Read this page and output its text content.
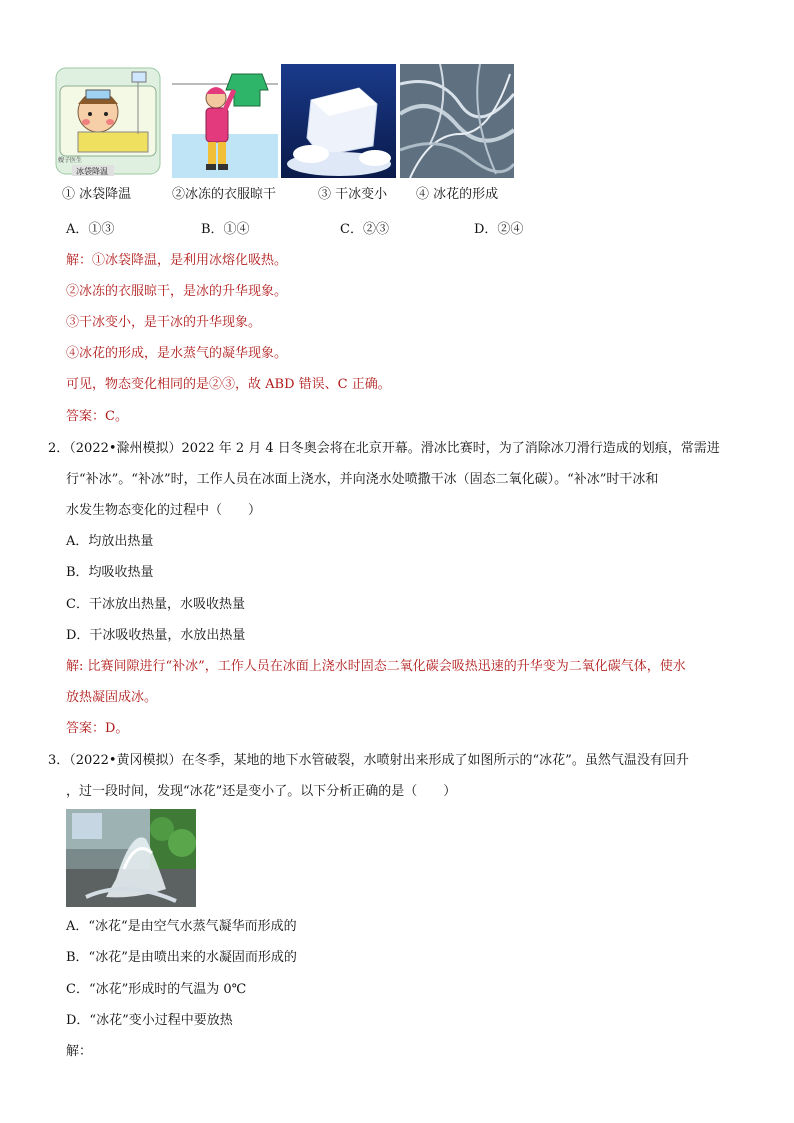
嫂子医生
冰袋降温
① 冰袋降温	②冰冻的衣服晾干	③ 干冰变小 ④ 冰花的形成
A．①③	B．①④	C．②③	D．②④
解：①冰袋降温，是利用冰熔化吸热。
②冰冻的衣服晾干，是冰的升华现象。
③干冰变小，是干冰的升华现象。
④冰花的形成，是水蒸气的凝华现象。
可见，物态变化相同的是②③，故 ABD 错误、C 正确。
答案：C。
2．（2022•滁州模拟）2022 年 2 月 4 日冬奥会将在北京开幕。滑冰比赛时，为了消除冰刀滑行造成的划痕，常需进
行“补冰”。“补冰”时，工作人员在冰面上浇水，并向浇水处喷撒干冰（固态二氧化碳）。“补冰”时干冰和
水发生物态变化的过程中（　　）
A．均放出热量
B．均吸收热量
C．干冰放出热量，水吸收热量
D．干冰吸收热量，水放出热量
解: 比赛间隙进行“补冰”，工作人员在冰面上浇水时固态二氧化碳会吸热迅速的升华变为二氧化碳气体，使水
放热凝固成冰。
答案：D。
3．（2022•黄冈模拟）在冬季，某地的地下水管破裂，水喷射出来形成了如图所示的“冰花”。虽然气温没有回升
，过一段时间，发现“冰花”还是变小了。以下分析正确的是（　　）
A．“冰花“是由空气水蒸气凝华而形成的
B．“冰花”是由喷出来的水凝固而形成的
C．“冰花”形成时的气温为 0℃
D．“冰花”变小过程中要放热
解：
